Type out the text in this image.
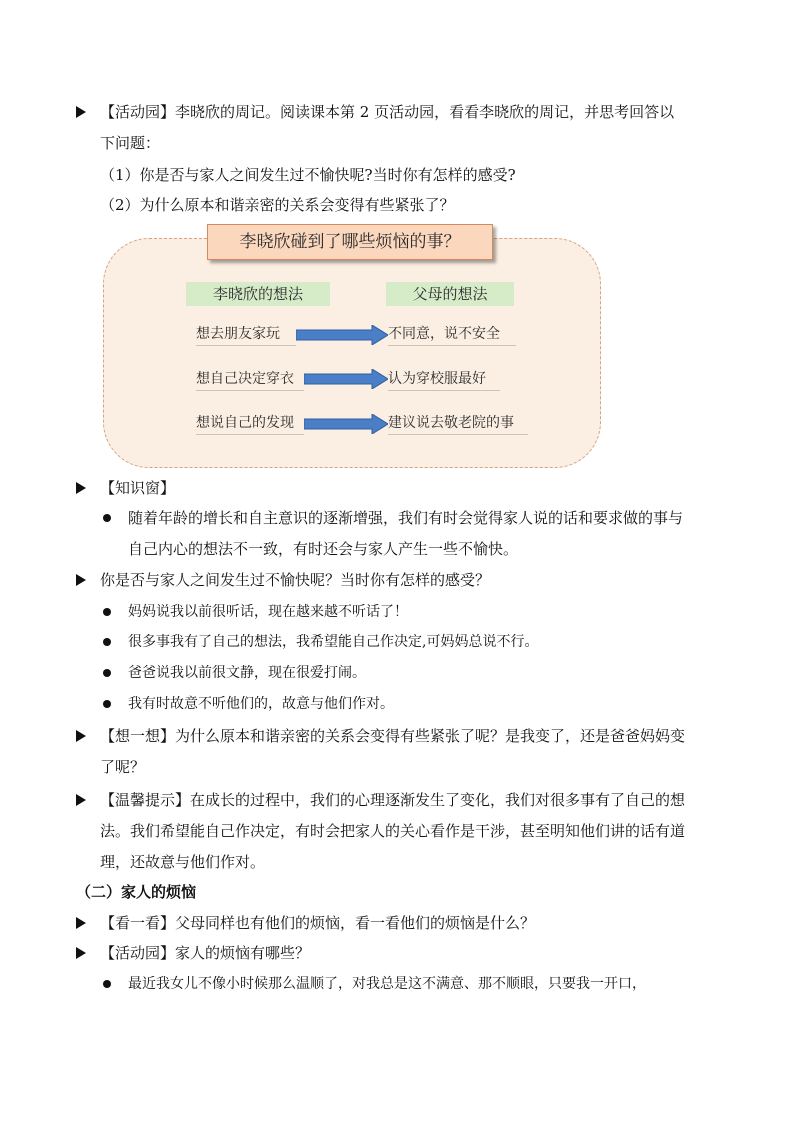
【活动园】李晓欣的周记。阅读课本第 2 页活动园，看看李晓欣的周记，并思考回答以
下问题：
（1）你是否与家人之间发生过不愉快呢?当时你有怎样的感受?
（2）为什么原本和谐亲密的关系会变得有些紧张了？
李晓欣碰到了哪些烦恼的事？
李晓欣的想法	父母的想法
想去朋友家玩	不同意，说不安全
想自己决定穿衣	认为穿校服最好
想说自己的发现	建议说去敬老院的事
【知识窗】
随着年龄的增长和自主意识的逐渐增强，我们有时会觉得家人说的话和要求做的事与
自己内心的想法不一致，有时还会与家人产生一些不愉快。
你是否与家人之间发生过不愉快呢？当时你有怎样的感受？
妈妈说我以前很听话，现在越来越不听话了！
很多事我有了自己的想法，我希望能自己作决定,可妈妈总说不行。
爸爸说我以前很文静，现在很爱打闹。
我有时故意不听他们的，故意与他们作对。
【想一想】为什么原本和谐亲密的关系会变得有些紧张了呢？是我变了，还是爸爸妈妈变
了呢？
【温馨提示】在成长的过程中，我们的心理逐渐发生了变化，我们对很多事有了自己的想
法。我们希望能自己作决定，有时会把家人的关心看作是干涉，甚至明知他们讲的话有道
理，还故意与他们作对。
（二）家人的烦恼
【看一看】父母同样也有他们的烦恼，看一看他们的烦恼是什么？
【活动园】家人的烦恼有哪些？
最近我女儿不像小时候那么温顺了，对我总是这不满意、那不顺眼，只要我一开口，
